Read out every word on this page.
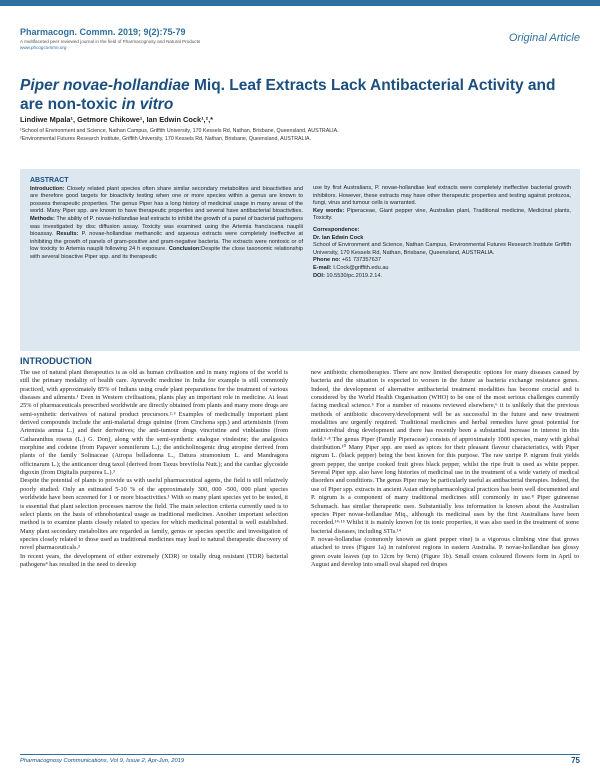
Pharmacogn. Commn. 2019; 9(2):75-79
A multifaceted peer reviewed journal in the field of Pharmacognosy and Natural Products
www.phcogcommn.org
Original Article
Piper novae-hollandiae Miq. Leaf Extracts Lack Antibacterial Activity and are non-toxic in vitro
Lindiwe Mpala¹, Getmore Chikowe¹, Ian Edwin Cock¹,²,*
¹School of Environment and Science, Nathan Campus, Griffith University, 170 Kessels Rd, Nathan, Brisbane, Queensland, AUSTRALIA.
²Environmental Futures Research Institute, Griffith University, 170 Kessels Rd, Nathan, Brisbane, Queensland, AUSTRALIA.
ABSTRACT
Introduction: Closely related plant species often share similar secondary metabolites and bioactivities and are therefore good targets for bioactivity testing when one or more species within a genus are known to possess therapeutic properties. The genus Piper has a long history of medicinal usage in many areas of the world. Many Piper spp. are known to have therapeutic properties and several have antibacterial bioactivities. Methods: The ability of P. novae-hollandiae leaf extracts to inhibit the growth of a panel of bacterial pathogens was investigated by disc diffusion assay. Toxicity was examined using the Artemia franciscana nauplii bioassay. Results: P. novae-hollandiae methanolic and aqueous extracts were completely ineffective at inhibiting the growth of panels of gram-positive and gram-negative bacteria. The extracts were nontoxic or of low toxicity to Artemia nauplii following 24 h exposure. Conclusion:Despite the close taxonomic relationship with several bioactive Piper spp. and its therapeutic
use by first Australians, P. novae-hollandiae leaf extracts were completely ineffective bacterial growth inhibitors. However, these extracts may have other therapeutic properties and testing against protozoa, fungi, virus and tumour cells is warranted.
Key words: Piperaceae, Giant pepper vine, Australian plant, Traditional medicine, Medicinal plants, Toxicity.
Correspondence:
Dr. Ian Edwin Cock
School of Environment and Science, Nathan Campus, Environmental Futures Research Institute Griffith University, 170 Kessels Rd, Nathan, Brisbane, Queensland, AUSTRALIA.
Phone no: +61 737357637
E-mail: I.Cock@griffith.edu.au
DOI: 10.5530/pc.2019.2.14.
INTRODUCTION

The use of natural plant therapeutics is as old as human civilisation and in many regions of the world is still the primary modality of health care. Ayurvedic medicine in India for example is still commonly practiced, with approximately 85% of Indians using crude plant preparations for the treatment of various diseases and ailments.¹ Even in Western civilisations, plants play an important role in medicine. At least 25% of pharmaceuticals prescribed worldwide are directly obtained from plants and many more drugs are semi-synthetic derivatives of natural product precursors.²·³ Examples of medicinally important plant derived compounds include the anti-malarial drugs quinine (from Cinchona spp.) and artemisinin (from Artemisia annua L.) and their derivatives; the anti-tumour drugs vincristine and vinblastine (from Catharanthus roseus (L.) G. Don), along with the semi-synthetic analogue vindesine; the analgesics morphine and codeine (from Papaver somniferum L.); the anticholinogenic drug atropine derived from plants of the family Solinaceae (Atropa belladonna L., Datura stramonium L. and Mandragora officinarum L.); the anticancer drug taxol (derived from Taxus brevifolia Nutt.); and the cardiac glycoside digoxin (from Digitalis purpurea L.).³

Despite the potential of plants to provide us with useful pharmaceutical agents, the field is still relatively poorly studied. Only an estimated 5-10 % of the approximately 300, 000 -500, 000 plant species worldwide have been screened for 1 or more bioactivities.¹ With so many plant species yet to be tested, it is essential that plant selection processes narrow the field. The main selection criteria currently used is to select plants on the basis of ethnobotanical usage as traditional medicines. Another important selection method is to examine plants closely related to species for which medicinal potential is well established. Many plant secondary metabolites are regarded as family, genus or species specific and investigation of species closely related to those used as traditional medicines may lead to natural therapeutic discovery of novel pharmaceuticals.³

In recent years, the development of either extremely (XDR) or totally drug resistant (TDR) bacterial pathogens⁴ has resulted in the need to develop

new antibiotic chemotherapies. There are now limited therapeutic options for many diseases caused by bacteria and the situation is expected to worsen in the future as bacteria exchange resistance genes. Indeed, the development of alternative antibacterial treatment modalities has become crucial and is considered by the World Health Organisation (WHO) to be one of the most serious challenges currently facing medical science.⁵ For a number of reasons reviewed elsewhere,⁶ it is unlikely that the previous methods of antibiotic discovery/development will be as successful in the future and new treatment modalities are urgently required. Traditional medicines and herbal remedies have great potential for antimicrobial drug development and there has recently been a substantial increase in interest in this field.⁶·⁸ The genus Piper (Family Piperaceae) consists of approximately 1000 species, many with global distribution.¹⁰ Many Piper spp. are used as spices for their pleasant flavour characteristics, with Piper nigrum L. (black pepper) being the best known for this purpose. The raw unripe P. nigrum fruit yields green pepper, the unripe cooked fruit gives black pepper, whilst the ripe fruit is used as white pepper. Several Piper spp. also have long histories of medicinal use in the treatment of a wide variety of medical disorders and conditions. The genus Piper may be particularly useful as antibacterial therapies. Indeed, the use of Piper spp. extracts in ancient Asian ethnopharmacological practices has been well documented and P. nigrum is a component of many traditional medicines still commonly in use.⁸ Piper guineense Schumach. has similar therapeutic uses. Substantially less information is known about the Australian species Piper novae-hollandiae Miq., although its medicinal uses by the first Australians have been recorded.¹⁴·¹⁵ Whilst it is mainly known for its tonic properties, it was also used in the treatment of some bacterial diseases, including STIs.¹⁴

P. novae-hollandiae (commonly known as giant pepper vine) is a vigorous climbing vine that grows attached to trees (Figure 1a) in rainforest regions in eastern Australia. P. novae-hollandiae has glossy green ovate leaves (up to 12cm by 9cm) (Figure 1b). Small cream coloured flowers form in April to August and develop into small oval shaped red drupes

Pharmacognosy Communications, Vol 9, Issue 2, Apr-Jun, 2019	75
